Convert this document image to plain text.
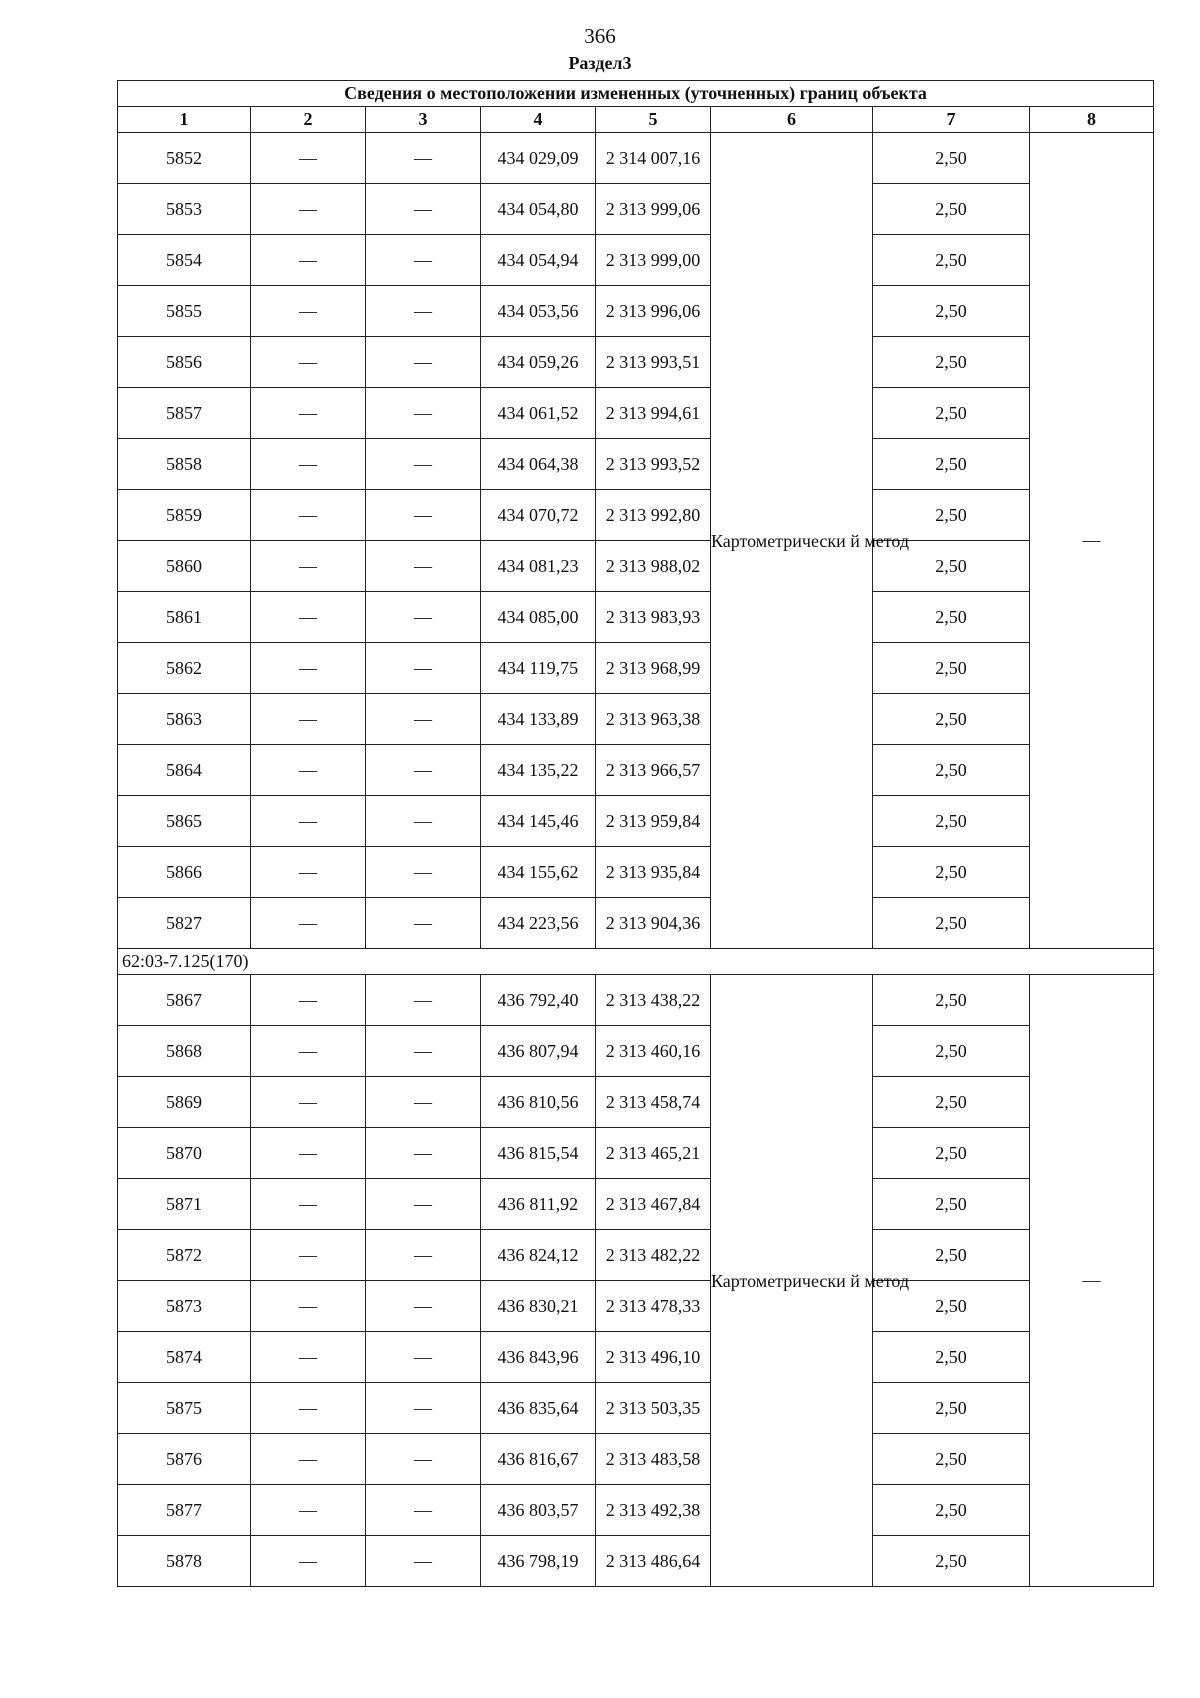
366
Раздел3
Сведения о местоположении измененных (уточненных) границ объекта							
1	2	3	4	5	6	7	8
5852	—	—	434 029,09	2 314 007,16	Картометрически й метод	2,50	—
5853	—	—	434 054,80	2 313 999,06		2,50	
5854	—	—	434 054,94	2 313 999,00		2,50	
5855	—	—	434 053,56	2 313 996,06		2,50	
5856	—	—	434 059,26	2 313 993,51		2,50	
5857	—	—	434 061,52	2 313 994,61		2,50	
5858	—	—	434 064,38	2 313 993,52		2,50	
5859	—	—	434 070,72	2 313 992,80		2,50	
5860	—	—	434 081,23	2 313 988,02		2,50	
5861	—	—	434 085,00	2 313 983,93		2,50	
5862	—	—	434 119,75	2 313 968,99		2,50	
5863	—	—	434 133,89	2 313 963,38		2,50	
5864	—	—	434 135,22	2 313 966,57		2,50	
5865	—	—	434 145,46	2 313 959,84		2,50	
5866	—	—	434 155,62	2 313 935,84		2,50	
5827	—	—	434 223,56	2 313 904,36		2,50	
62:03-7.125(170)							
5867	—	—	436 792,40	2 313 438,22	Картометрически й метод	2,50	—
5868	—	—	436 807,94	2 313 460,16		2,50	
5869	—	—	436 810,56	2 313 458,74		2,50	
5870	—	—	436 815,54	2 313 465,21		2,50	
5871	—	—	436 811,92	2 313 467,84		2,50	
5872	—	—	436 824,12	2 313 482,22		2,50	
5873	—	—	436 830,21	2 313 478,33		2,50	
5874	—	—	436 843,96	2 313 496,10		2,50	
5875	—	—	436 835,64	2 313 503,35		2,50	
5876	—	—	436 816,67	2 313 483,58		2,50	
5877	—	—	436 803,57	2 313 492,38		2,50	
5878	—	—	436 798,19	2 313 486,64		2,50	
